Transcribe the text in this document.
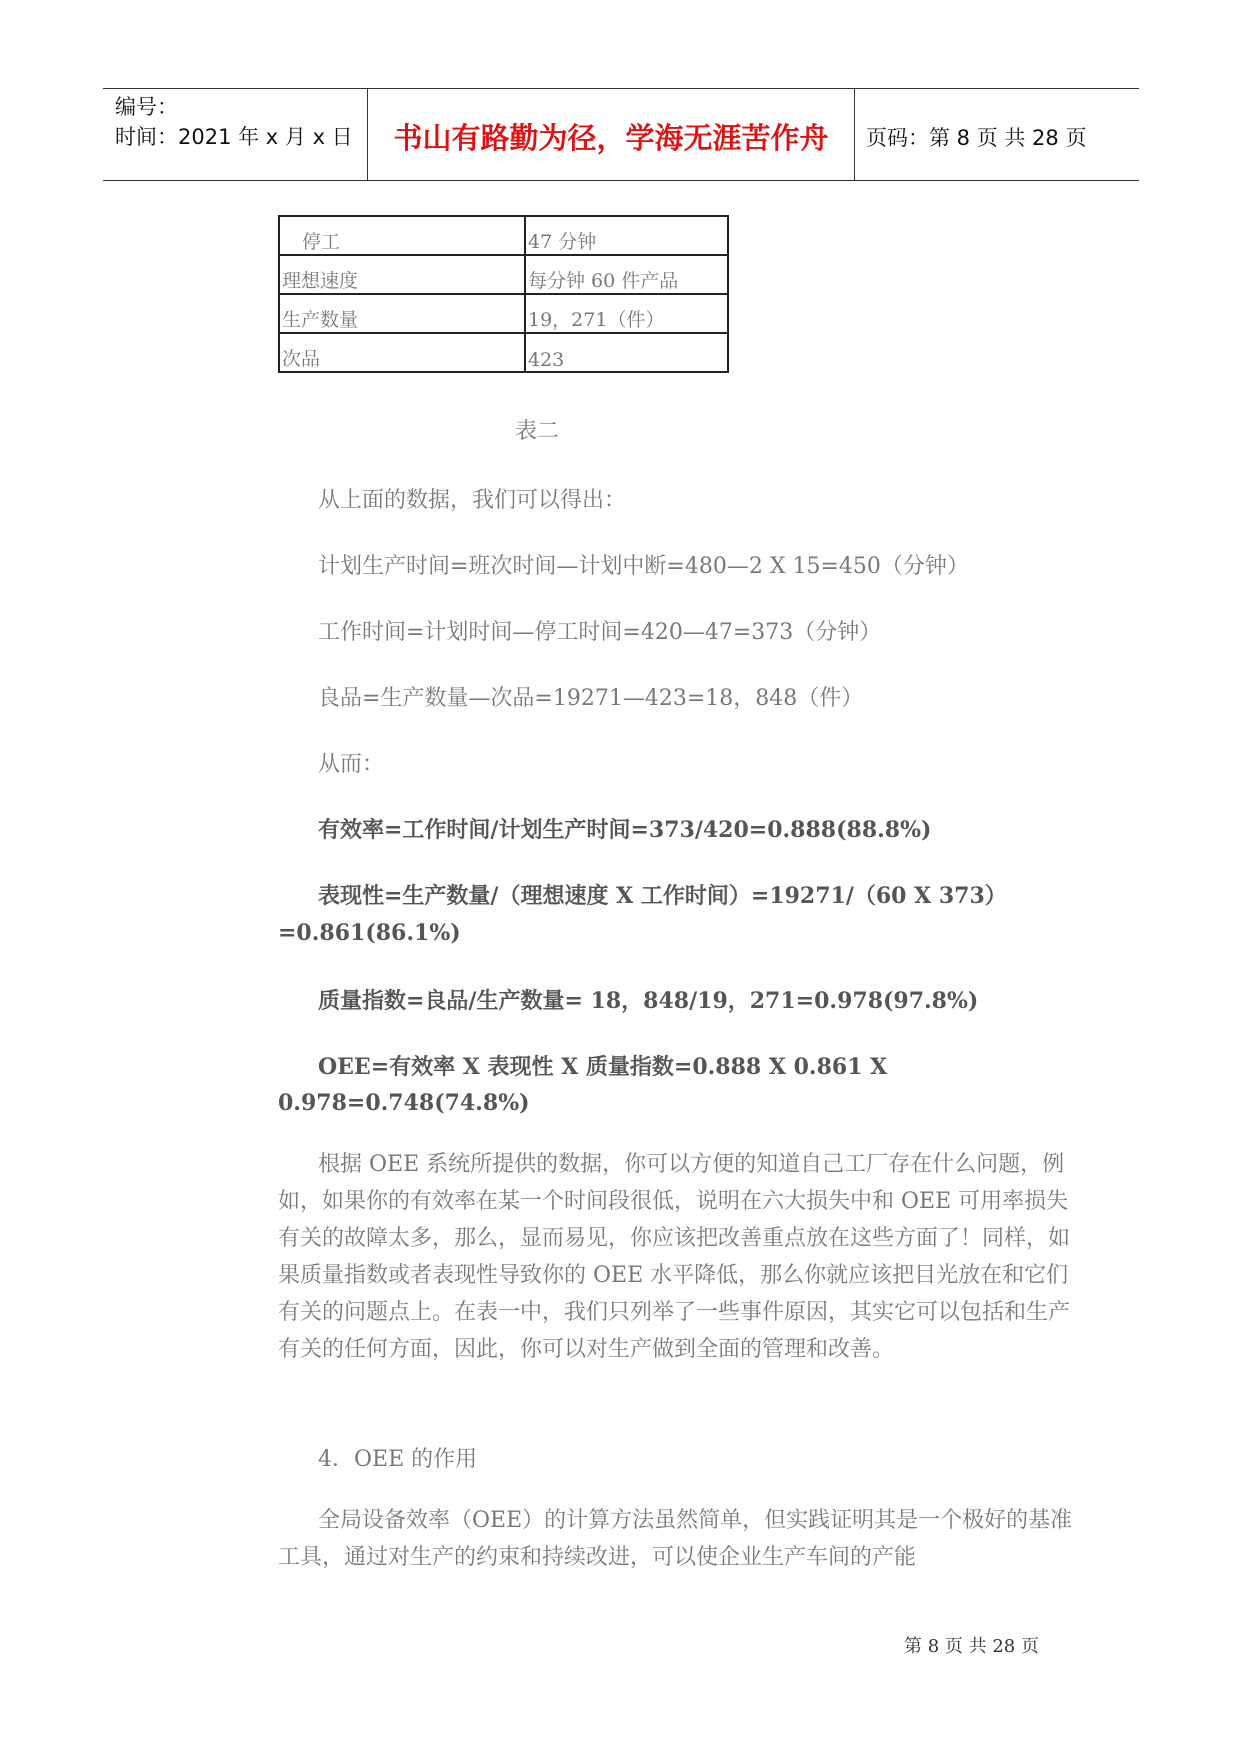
编号：
时间：2021 年 x 月 x 日	书山有路勤为径，学海无涯苦作舟	页码：第 8 页 共 28 页
停工	47 分钟
理想速度	每分钟 60 件产品
生产数量	19，271（件）
次品	423
表二
从上面的数据，我们可以得出：
计划生产时间=班次时间—计划中断=480—2 X 15=450（分钟）
工作时间=计划时间—停工时间=420—47=373（分钟）
良品=生产数量—次品=19271—423=18，848（件）
从而：
有效率=工作时间/计划生产时间=373/420=0.888(88.8%)
表现性=生产数量/（理想速度 X 工作时间）=19271/（60 X 373）
=0.861(86.1%)
质量指数=良品/生产数量= 18，848/19，271=0.978(97.8%)
OEE=有效率 X 表现性 X 质量指数=0.888 X 0.861 X
0.978=0.748(74.8%)
根据 OEE 系统所提供的数据，你可以方便的知道自己工厂存在什么问题，例如，如果你的有效率在某一个时间段很低，说明在六大损失中和 OEE 可用率损失有关的故障太多，那么，显而易见，你应该把改善重点放在这些方面了！同样，如果质量指数或者表现性导致你的 OEE 水平降低，那么你就应该把目光放在和它们有关的问题点上。在表一中，我们只列举了一些事件原因，其实它可以包括和生产有关的任何方面，因此，你可以对生产做到全面的管理和改善。
4．OEE 的作用
全局设备效率（OEE）的计算方法虽然简单，但实践证明其是一个极好的基准工具，通过对生产的约束和持续改进，可以使企业生产车间的产能
第 8 页 共 28 页
